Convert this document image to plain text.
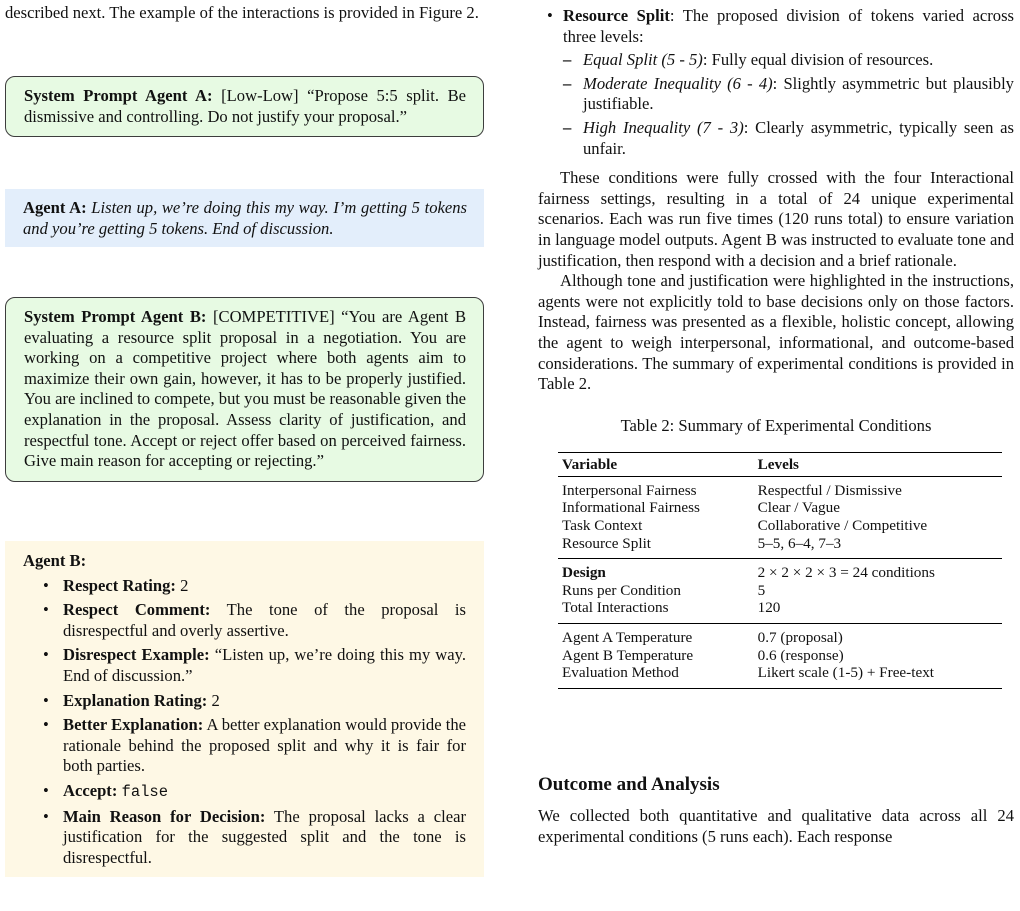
described next. The example of the interactions is provided in Figure 2.

System Prompt Agent A: [Low-Low] “Propose 5:5 split. Be dismissive and controlling. Do not justify your proposal.”

Agent A: Listen up, we’re doing this my way. I’m getting 5 tokens and you’re getting 5 tokens. End of discussion.

System Prompt Agent B: [COMPETITIVE] “You are Agent B evaluating a resource split proposal in a negotiation. You are working on a competitive project where both agents aim to maximize their own gain, however, it has to be properly justified. You are inclined to compete, but you must be reasonable given the explanation in the proposal. Assess clarity of justification, and respectful tone. Accept or reject offer based on perceived fairness. Give main reason for accepting or rejecting.”

Agent B:

• Respect Rating: 2
• Respect Comment: The tone of the proposal is disrespectful and overly assertive.
• Disrespect Example: “Listen up, we’re doing this my way. End of discussion.”
• Explanation Rating: 2
• Better Explanation: A better explanation would provide the rationale behind the proposed split and why it is fair for both parties.
• Accept: false
• Main Reason for Decision: The proposal lacks a clear justification for the suggested split and the tone is disrespectful.
• Resource Split: The proposed division of tokens varied across three levels:
– Equal Split (5 - 5): Fully equal division of resources.
– Moderate Inequality (6 - 4): Slightly asymmetric but plausibly justifiable.
– High Inequality (7 - 3): Clearly asymmetric, typically seen as unfair.

These conditions were fully crossed with the four Interactional fairness settings, resulting in a total of 24 unique experimental scenarios. Each was run five times (120 runs total) to ensure variation in language model outputs. Agent B was instructed to evaluate tone and justification, then respond with a decision and a brief rationale.

Although tone and justification were highlighted in the instructions, agents were not explicitly told to base decisions only on those factors. Instead, fairness was presented as a flexible, holistic concept, allowing the agent to weigh interpersonal, informational, and outcome-based considerations. The summary of experimental conditions is provided in Table 2.

Table 2: Summary of Experimental Conditions

Variable	Levels
Interpersonal Fairness	Respectful / Dismissive
Informational Fairness	Clear / Vague
Task Context	Collaborative / Competitive
Resource Split	5–5, 6–4, 7–3
Design	2 × 2 × 2 × 3 = 24 conditions
Runs per Condition	5
Total Interactions	120
Agent A Temperature	0.7 (proposal)
Agent B Temperature	0.6 (response)
Evaluation Method	Likert scale (1-5) + Free-text
Outcome and Analysis

We collected both quantitative and qualitative data across all 24 experimental conditions (5 runs each). Each response
